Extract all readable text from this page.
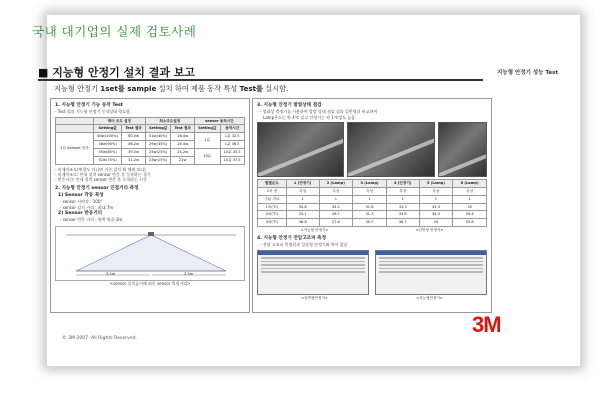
국내 대기업의 실제 검토사례
■ 지능형 안정기 설치 결과 보고	지능형 안정기 성능 Test
지능형 안정기 1set를 sample 설치 하여 제품 동작 특성 Test를 실시함.
1. 지능형 안정기 기능 동작 Test
- Test 결과 지능형 안정기 동작상태 양호함.
	제어 조도 설정		최소조도설정		sensor 동작시간	
	Setting값	Test 결과	Setting값	Test 결과	Setting값	동작시간
1차 Sample 검사	64w(100%)	60.5w	31w(40%)	26.4w	1분	1분 32초
	58w(90%)	46.2w	29w(35%)	26.4w		1분 36초
	55w(80%)	39.5w	25w(25%)	24.2w	10분	10분 35초
	52w(70%)	31.2w	23w(15%)	22w		10분 37초
- 비제어조도(면광도 아니면 기존 설치 확 체계 보다)
- 비제어조도: 안내 설치 sensor 반응 후 동작하는 경기
- 반응시간: 안내 설치 sensor 반응 후 동작하는 시간
2. 지능형 안정기 sensor 인접거리 측정
1) Sensor 작동 특성
- sensor 시야각 : 100°
- sensor 감지 거리 : 최대 7m
2) Sensor 반응거리
- sensor 반응 거리 : 양쪽 양끝 3m
3.5m	3.5m
<sensor 설치높이에 따른 sensor 측정거리>
3. 지능형 안정기 발열상태 점검
- 열화상 측정기를 사용하여 발열 상태 점검 결과 일반형과 비교하여
Lamp온도는 약 4℃ 낮고 안정기는 약 1℃정도 높음.
발열온도	1 (안정기)	2 (Lamp)	3 (Lamp)	4 (안정기)	5 (Lamp)	6 (Lamp)
1차 점	특성	특성	특성	특성	특성	특성
구분 자료	1	1	1	1	1	1
1차(℃)	35.8	35.2	31.8	33.3	33.3	35
2차(℃)	33.1	26.7	31.3	33.8	34.3	34.4
3차(℃)	36.8	27.8	30.7	36.7	34	33.6
<지능형 안정기>	<일반형 안정기>
4. 지능형 안정기 전압고조파 측정
- 전압 고조파 측정결과 일상형 안정기와 차이 없음
<일반형안정기>	<지능형안정기>
3M
© 3M 2007. All Rights Reserved.
